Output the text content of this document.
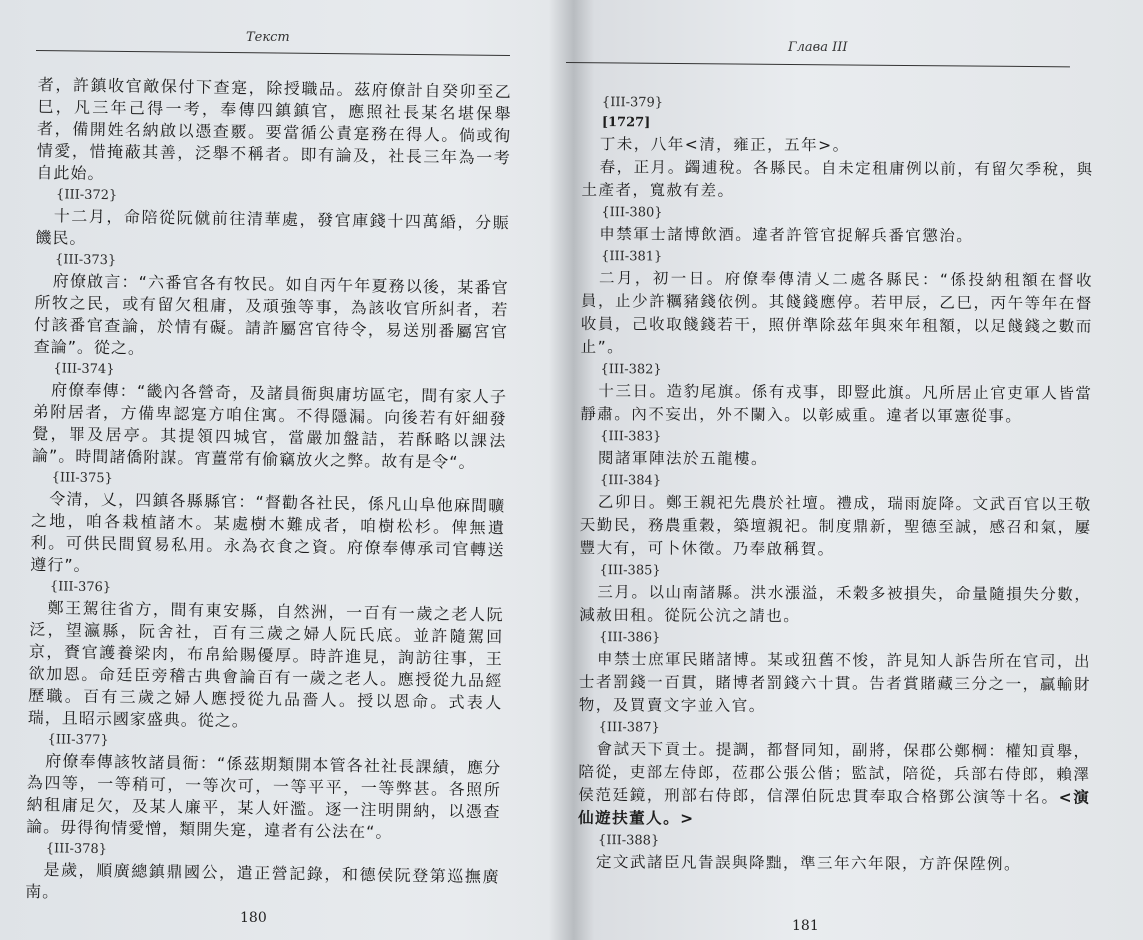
Текст
者，許鎮收官敵保付下查寔，除授職品。茲府僚計自癸卯至乙巳，凡三年己得一考，奉傳四鎮鎮官，應照社長某名堪保舉者，備開姓名納啟以憑查覈。要當循公責寔務在得人。倘或徇情愛，惜掩蔽其善，泛舉不稱者。即有論及，社長三年為一考自此始。
{III-372}
十二月，命陪從阮僦前往清華處，發官庫錢十四萬緍，分賑饑民。
{III-373}
府僚啟言：“六番官各有牧民。如自丙午年夏務以後，某番官所牧之民，或有留欠租庸，及頑強等事，為該收官所糾者，若付該番官查論，於情有礙。請許屬宮官待令，易送別番屬宮官查論”。從之。
{III-374}
府僚奉傳：“畿內各營奇，及諸員衙與庸坊區宅，間有家人子弟附居者，方備卑認寔方咱住寓。不得隱漏。向後若有奸細發覺，罪及居亭。其提領四城官，當嚴加盤詰，若酥略以課法論”。時間諸僑附謀。宵薑常有偷竊放火之弊。故有是令“。
{III-375}
令清，乂，四鎮各縣縣官：“督勸各社民，係凡山阜他麻間曠之地，咱各栽植諸木。某處樹木難成者，咱樹松杉。俾無遺利。可供民間貿易私用。永為衣食之資。府僚奉傳承司官轉送遵行”。
{III-376}
鄭王駕往省方，間有東安縣，自然洲，一百有一歲之老人阮泛，望瀛縣，阮舍社，百有三歲之婦人阮氏底。並許隨駕回京，賚官護養梁肉，布帛給賜優厚。時許進見，詢訪往事，王欲加恩。命廷臣旁稽古典會論百有一歲之老人。應授從九品經歷職。百有三歲之婦人應授從九品嗇人。授以恩命。式表人瑞，且昭示國家盛典。從之。
{III-377}
府僚奉傳該牧諸員衙：“係茲期類開本管各社社長課績，應分為四等，一等稍可，一等次可，一等平平，一等弊甚。各照所納租庸足欠，及某人廉平，某人奸濫。逐一注明開納，以憑查論。毋得徇情愛憎，類開失寔，違者有公法在“。
{III-378}
是歲，順廣總鎮鼎國公，遣正營記錄，和德侯阮登第巡撫廣南。
180
Глава III
{III-379}
[1727]
丁未，八年<清，雍正，五年>。
春，正月。蠲逋稅。各縣民。自未定租庸例以前，有留欠季稅，與土產者，寬赦有差。
{III-380}
申禁軍士諸博飲酒。違者許管官捉解兵番官懲治。
{III-381}
二月，初一日。府僚奉傳清乂二處各縣民：“係投納租額在督收員，止少許糲豬錢依例。其餞錢應停。若甲辰，乙巳，丙午等年在督收員，己收取餞錢若干，照併準除茲年與來年租額，以足餞錢之數而止”。
{III-382}
十三日。造豹尾旗。係有戎事，即豎此旗。凡所居止官吏軍人皆當靜肅。內不妄出，外不闌入。以彰威重。違者以軍憲從事。
{III-383}
閱諸軍陣法於五龍樓。
{III-384}
乙卯日。鄭王親祀先農於社壇。禮成，瑞雨旋降。文武百官以王敬天勤民，務農重穀，築壇親祀。制度鼎新，聖德至誠，感召和氣，屢豐大有，可卜休徵。乃奉啟稱賀。
{III-385}
三月。以山南諸縣。洪水漲溢，禾穀多被損失，命量隨損失分數，減赦田租。從阮公沆之請也。
{III-386}
申禁士庶軍民賭諸博。某或狃舊不悛，許見知人訴告所在官司，出士者罰錢一百貫，賭博者罰錢六十貫。告者賞賭藏三分之一，贏輸財物，及買賣文字並入官。
{III-387}
會試天下貢士。提調，都督同知，副將，保郡公鄭棡：權知貢舉，陪從，吏部左侍郎，莅郡公張公偕；監試，陪從，兵部右侍郎，賴澤侯范廷鏡，刑部右侍郎，信澤伯阮忠貫奉取合格鄧公演等十名。<演仙遊扶董人。>
{III-388}
定文武諸臣凡眚誤與降黜，準三年六年限，方許保陞例。
181
